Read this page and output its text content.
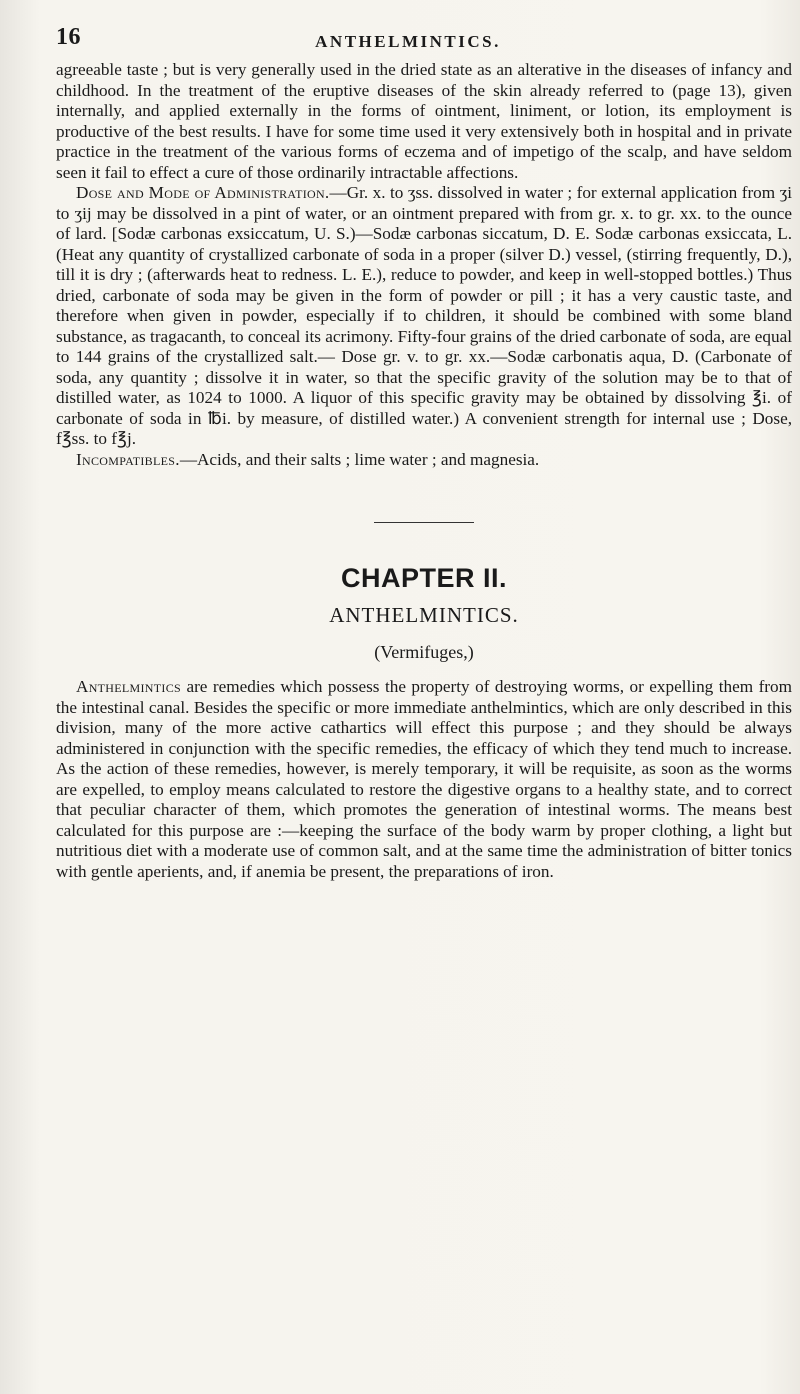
16	ANTHELMINTICS.

agreeable taste ; but is very generally used in the dried state as an alterative in the diseases of infancy and childhood. In the treatment of the eruptive diseases of the skin already referred to (page 13), given internally, and applied externally in the forms of ointment, liniment, or lotion, its employment is productive of the best results. I have for some time used it very extensively both in hospital and in private practice in the treatment of the various forms of eczema and of impetigo of the scalp, and have seldom seen it fail to effect a cure of those ordinarily intractable affections.

Dose and Mode of Administration.—Gr. x. to ʒss. dissolved in water ; for external application from ʒi to ʒij may be dissolved in a pint of water, or an ointment prepared with from gr. x. to gr. xx. to the ounce of lard. [Sodæ carbonas exsiccatum, U. S.)—Sodæ carbonas siccatum, D. E. Sodæ carbonas exsiccata, L. (Heat any quantity of crystallized carbonate of soda in a proper (silver D.) vessel, (stirring frequently, D.), till it is dry ; (afterwards heat to redness. L. E.), reduce to powder, and keep in well-stopped bottles.) Thus dried, carbonate of soda may be given in the form of powder or pill ; it has a very caustic taste, and therefore when given in powder, especially if to children, it should be combined with some bland substance, as tragacanth, to conceal its acrimony. Fifty-four grains of the dried carbonate of soda, are equal to 144 grains of the crystallized salt.— Dose gr. v. to gr. xx.—Sodæ carbonatis aqua, D. (Carbonate of soda, any quantity ; dissolve it in water, so that the specific gravity of the solution may be to that of distilled water, as 1024 to 1000. A liquor of this specific gravity may be obtained by dissolving ℥i. of carbonate of soda in ℔i. by measure, of distilled water.) A convenient strength for internal use ; Dose, f℥ss. to f℥j.

Incompatibles.—Acids, and their salts ; lime water ; and magnesia.

CHAPTER II.
ANTHELMINTICS.
(Vermifuges,)

Anthelmintics are remedies which possess the property of destroying worms, or expelling them from the intestinal canal. Besides the specific or more immediate anthelmintics, which are only described in this division, many of the more active cathartics will effect this purpose ; and they should be always administered in conjunction with the specific remedies, the efficacy of which they tend much to increase. As the action of these remedies, however, is merely temporary, it will be requisite, as soon as the worms are expelled, to employ means calculated to restore the digestive organs to a healthy state, and to correct that peculiar character of them, which promotes the generation of intestinal worms. The means best calculated for this purpose are :—keeping the surface of the body warm by proper clothing, a light but nutritious diet with a moderate use of common salt, and at the same time the administration of bitter tonics with gentle aperients, and, if anemia be present, the preparations of iron.
